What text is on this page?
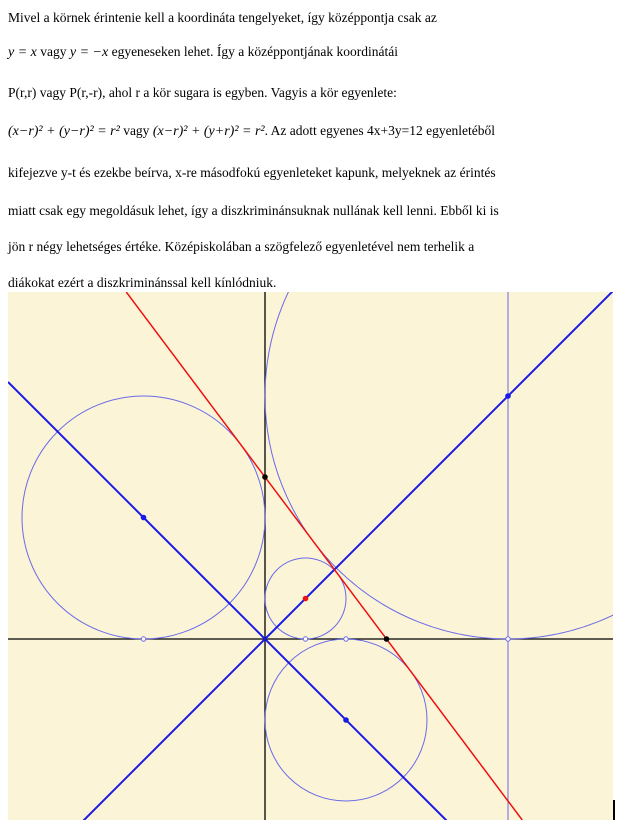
Mivel a körnek érintenie kell a koordináta tengelyeket, így középpontja csak az
y = x vagy y = −x egyeneseken lehet. Így a középpontjának koordinátái
P(r,r) vagy P(r,-r), ahol r a kör sugara is egyben. Vagyis a kör egyenlete:
(x−r)² + (y−r)² = r² vagy (x−r)² + (y+r)² = r². Az adott egyenes 4x+3y=12 egyenletéből
kifejezve y-t és ezekbe beírva, x-re másodfokú egyenleteket kapunk, melyeknek az érintés
miatt csak egy megoldásuk lehet, így a diszkriminánsuknak nullának kell lenni. Ebből ki is
jön r négy lehetséges értéke. Középiskolában a szögfelező egyenletével nem terhelik a
diákokat ezért a diszkriminánssal kell kínlódniuk.
